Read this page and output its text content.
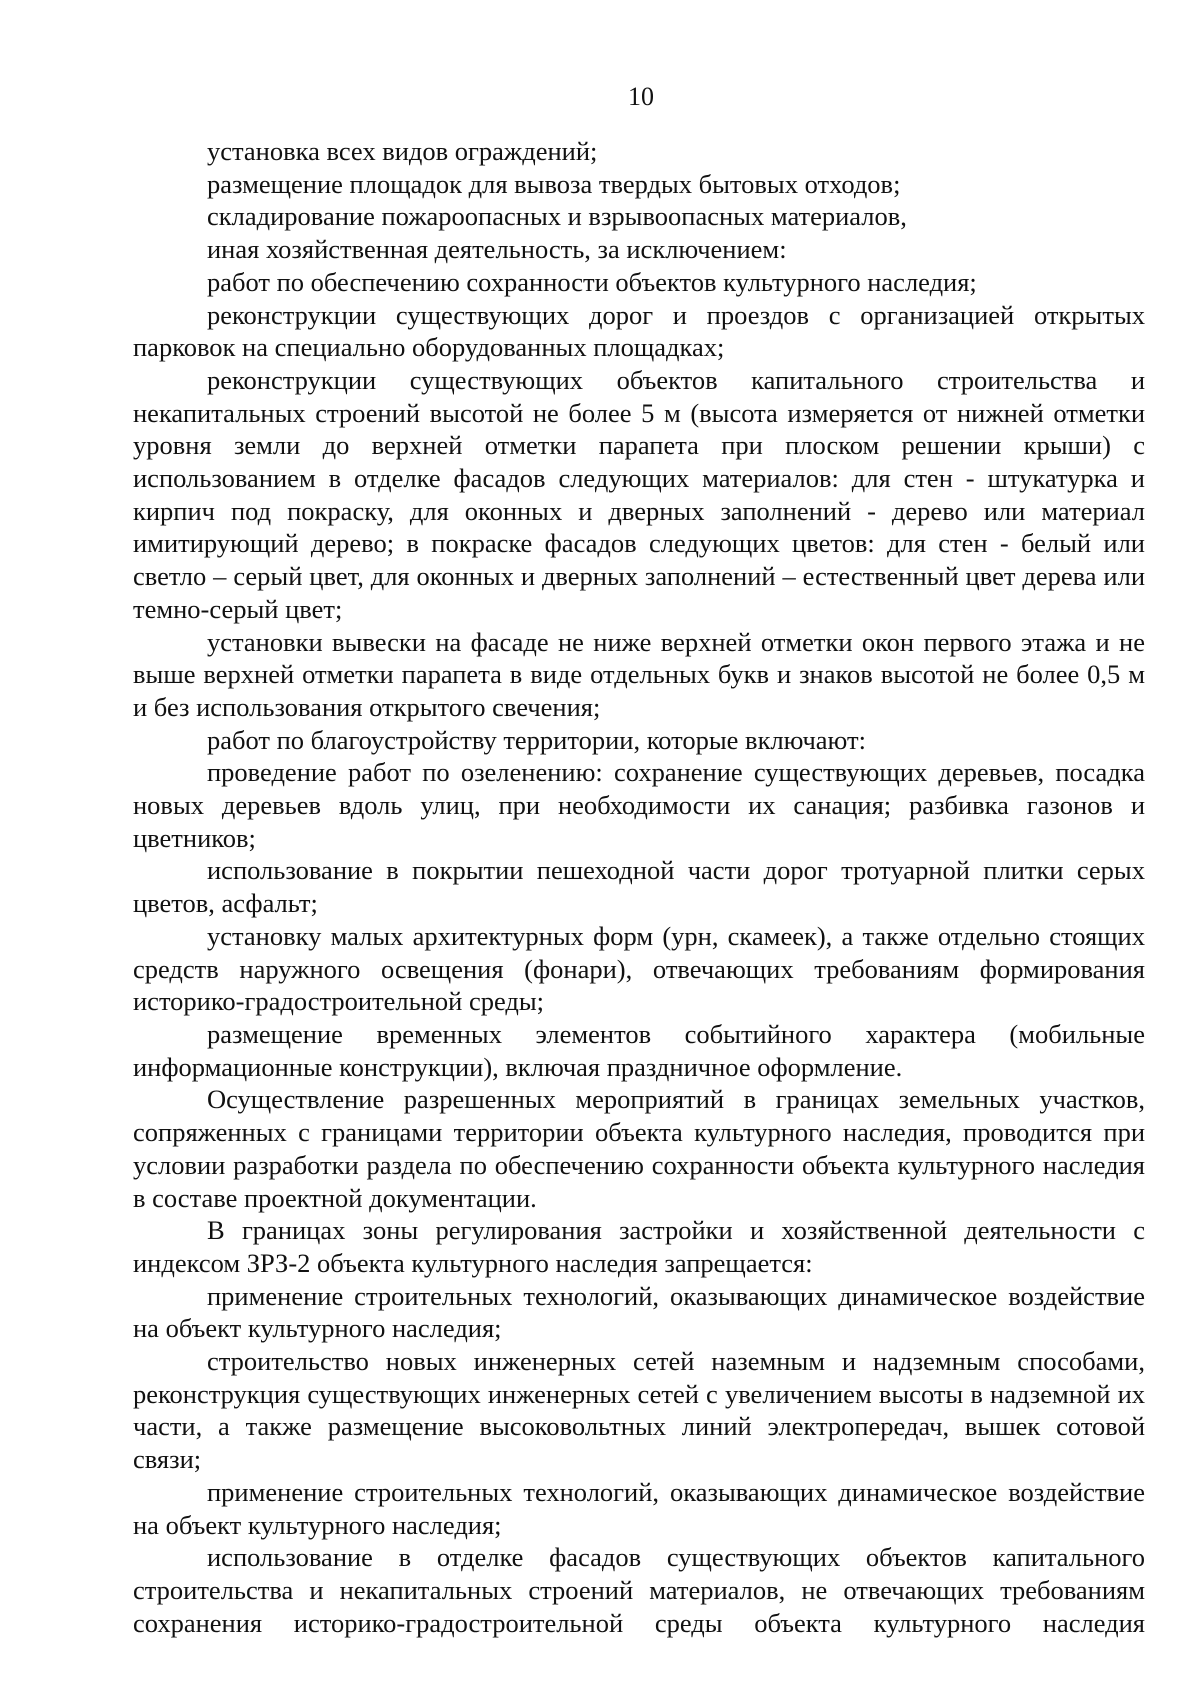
10

установка всех видов ограждений;

размещение площадок для вывоза твердых бытовых отходов;

складирование пожароопасных и взрывоопасных материалов,

иная хозяйственная деятельность, за исключением:

работ по обеспечению сохранности объектов культурного наследия;

реконструкции существующих дорог и проездов с организацией открытых парковок на специально оборудованных площадках;

реконструкции существующих объектов капитального строительства и некапитальных строений высотой не более 5 м (высота измеряется от нижней отметки уровня земли до верхней отметки парапета при плоском решении крыши) с использованием в отделке фасадов следующих материалов: для стен - штукатурка и кирпич под покраску, для оконных и дверных заполнений - дерево или материал имитирующий дерево; в покраске фасадов следующих цветов: для стен - белый или светло – серый цвет, для оконных и дверных заполнений – естественный цвет дерева или темно-серый цвет;

установки вывески на фасаде не ниже верхней отметки окон первого этажа и не выше верхней отметки парапета в виде отдельных букв и знаков высотой не более 0,5 м и без использования открытого свечения;

работ по благоустройству территории, которые включают:

проведение работ по озеленению: сохранение существующих деревьев, посадка новых деревьев вдоль улиц, при необходимости их санация; разбивка газонов и цветников;

использование в покрытии пешеходной части дорог тротуарной плитки серых цветов, асфальт;

установку малых архитектурных форм (урн, скамеек), а также отдельно стоящих средств наружного освещения (фонари), отвечающих требованиям формирования историко-градостроительной среды;

размещение временных элементов событийного характера (мобильные информационные конструкции), включая праздничное оформление.

Осуществление разрешенных мероприятий в границах земельных участков, сопряженных с границами территории объекта культурного наследия, проводится при условии разработки раздела по обеспечению сохранности объекта культурного наследия в составе проектной документации.

В границах зоны регулирования застройки и хозяйственной деятельности с индексом ЗРЗ-2 объекта культурного наследия запрещается:

применение строительных технологий, оказывающих динамическое воздействие на объект культурного наследия;

строительство новых инженерных сетей наземным и надземным способами, реконструкция существующих инженерных сетей с увеличением высоты в надземной их части, а также размещение высоковольтных линий электропередач, вышек сотовой связи;

применение строительных технологий, оказывающих динамическое воздействие на объект культурного наследия;

использование в отделке фасадов существующих объектов капитального строительства и некапитальных строений материалов, не отвечающих требованиям сохранения историко-градостроительной среды объекта культурного наследия
